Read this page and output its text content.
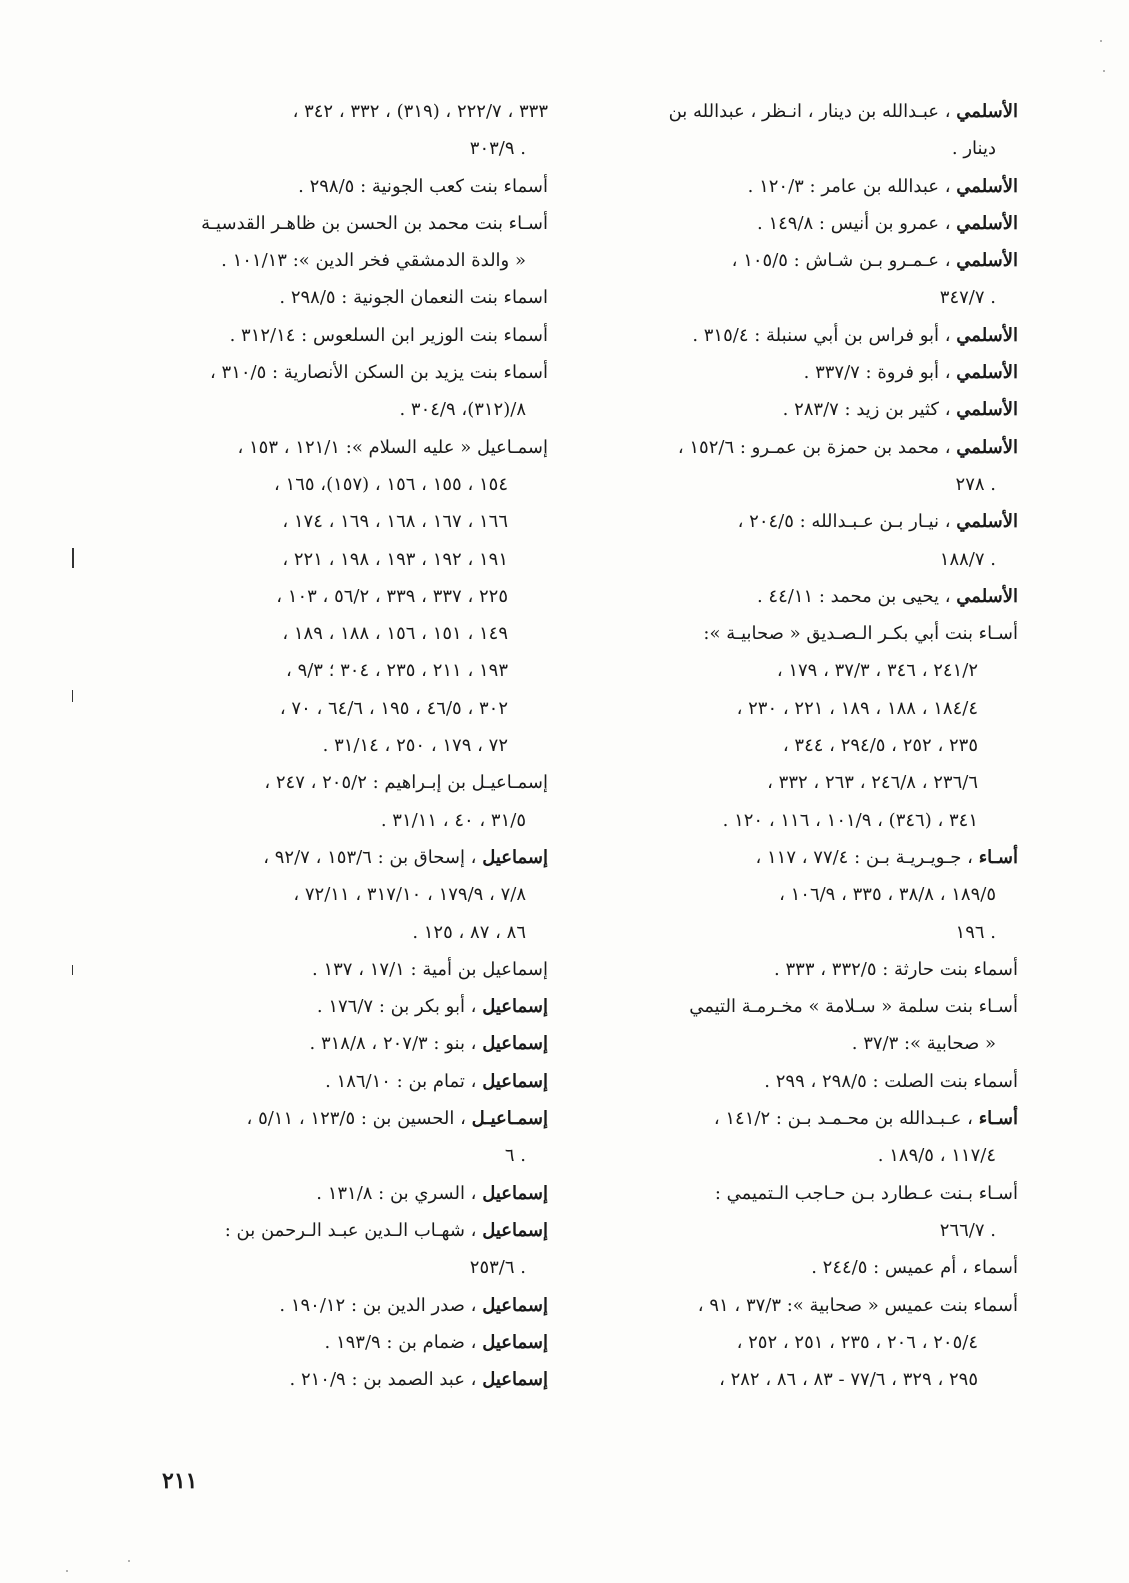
الأسلمي ، عبـدالله بن دينار ، انـظر ، عبدالله بن
دينار .
الأسلمي ، عبدالله بن عامر : ١٢٠/٣ .
الأسلمي ، عمرو بن أنيس : ١٤٩/٨ .
الأسلمي ، عـمـرو بـن شـاش : ١٠٥/٥ ،
. ٣٤٧/٧
الأسلمي ، أبو فراس بن أبي سنبلة : ٣١٥/٤ .
الأسلمي ، أبو فروة : ٣٣٧/٧ .
الأسلمي ، كثير بن زيد : ٢٨٣/٧ .
الأسلمي ، محمد بن حمزة بن عمـرو : ١٥٢/٦ ،
. ٢٧٨
الأسلمي ، نيـار بـن عـبـدالله : ٢٠٤/٥ ،
. ١٨٨/٧
الأسلمي ، يحيى بن محمد : ٤٤/١١ .
أسـاء بنت أبي بكـر الـصـديق « صحابيـة »:
٢٤١/٢ ، ٣٤٦ ، ٣٧/٣ ، ١٧٩ ،
١٨٤/٤ ، ١٨٨ ، ١٨٩ ، ٢٢١ ، ٢٣٠ ،
٢٣٥ ، ٢٥٢ ، ٢٩٤/٥ ، ٣٤٤ ،
٢٣٦/٦ ، ٢٤٦/٨ ، ٢٦٣ ، ٣٣٢ ،
٣٤١ ، (٣٤٦) ، ١٠١/٩ ، ١١٦ ، ١٢٠ .
أسـاء ، جـويـريـة بـن : ٧٧/٤ ، ١١٧ ،
١٨٩/٥ ، ٣٨/٨ ، ٣٣٥ ، ١٠٦/٩ ،
. ١٩٦
أسماء بنت حارثة : ٣٣٢/٥ ، ٣٣٣ .
أسـاء بنت سلمة « سـلامة » مخـرمـة التيمي
« صحابية »: ٣٧/٣ .
أسماء بنت الصلت : ٢٩٨/٥ ، ٢٩٩ .
أسـاء ، عـبـدالله بن محـمـد بـن : ١٤١/٢ ،
١١٧/٤ ، ١٨٩/٥ .
أسـاء بـنت عـطارد بـن حـاجب الـتميمي :
. ٢٦٦/٧
أسماء ، أم عميس : ٢٤٤/٥ .
أسماء بنت عميس « صحابية »: ٣٧/٣ ، ٩١ ،
٢٠٥/٤ ، ٢٠٦ ، ٢٣٥ ، ٢٥١ ، ٢٥٢ ،
٢٩٥ ، ٣٢٩ ، ٧٧/٦ - ٨٣ ، ٨٦ ، ٢٨٢ ،
٣٣٣ ، ٢٢٢/٧ ، (٣١٩) ، ٣٣٢ ، ٣٤٢ ،
. ٣٠٣/٩
أسماء بنت كعب الجونية : ٢٩٨/٥ .
أسـاء بنت محمد بن الحسن بن ظاهـر القدسيـة
« والدة الدمشقي فخر الدين »: ١٠١/١٣ .
اسماء بنت النعمان الجونية : ٢٩٨/٥ .
أسماء بنت الوزير ابن السلعوس : ٣١٢/١٤ .
أسماء بنت يزيد بن السكن الأنصارية : ٣١٠/٥ ،
٨/(٣١٢)، ٣٠٤/٩ .
إسمـاعيل « عليه السلام »: ١٢١/١ ، ١٥٣ ،
١٥٤ ، ١٥٥ ، ١٥٦ ، (١٥٧)، ١٦٥ ،
١٦٦ ، ١٦٧ ، ١٦٨ ، ١٦٩ ، ١٧٤ ،
١٩١ ، ١٩٢ ، ١٩٣ ، ١٩٨ ، ٢٢١ ،
٢٢٥ ، ٣٣٧ ، ٣٣٩ ، ٥٦/٢ ، ١٠٣ ،
١٤٩ ، ١٥١ ، ١٥٦ ، ١٨٨ ، ١٨٩ ،
١٩٣ ، ٢١١ ، ٢٣٥ ، ٣٠٤ ؛ ٩/٣ ،
٣٠٢ ، ٤٦/٥ ، ١٩٥ ، ٦٤/٦ ، ٧٠ ،
٧٢ ، ١٧٩ ، ٢٥٠ ، ٣١/١٤ .
إسمـاعيـل بن إبـراهيم : ٢٠٥/٢ ، ٢٤٧ ،
٣١/٥ ، ٤٠ ، ٣١/١١ .
إسماعيل ، إسحاق بن : ١٥٣/٦ ، ٩٢/٧ ،
٧/٨ ، ١٧٩/٩ ، ٣١٧/١٠ ، ٧٢/١١ ،
٨٦ ، ٨٧ ، ١٢٥ .
إسماعيل بن أمية : ١٧/١ ، ١٣٧ .
إسماعيل ، أبو بكر بن : ١٧٦/٧ .
إسماعيل ، بنو : ٢٠٧/٣ ، ٣١٨/٨ .
إسماعيل ، تمام بن : ١٨٦/١٠ .
إسمـاعيـل ، الحسين بن : ١٢٣/٥ ، ٥/١١ ،
. ٦
إسماعيل ، السري بن : ١٣١/٨ .
إسماعيل ، شهـاب الـدين عبـد الـرحمن بن :
. ٢٥٣/٦
إسماعيل ، صدر الدين بن : ١٩٠/١٢ .
إسماعيل ، ضمام بن : ١٩٣/٩ .
إسماعيل ، عبد الصمد بن : ٢١٠/٩ .
٢١١
